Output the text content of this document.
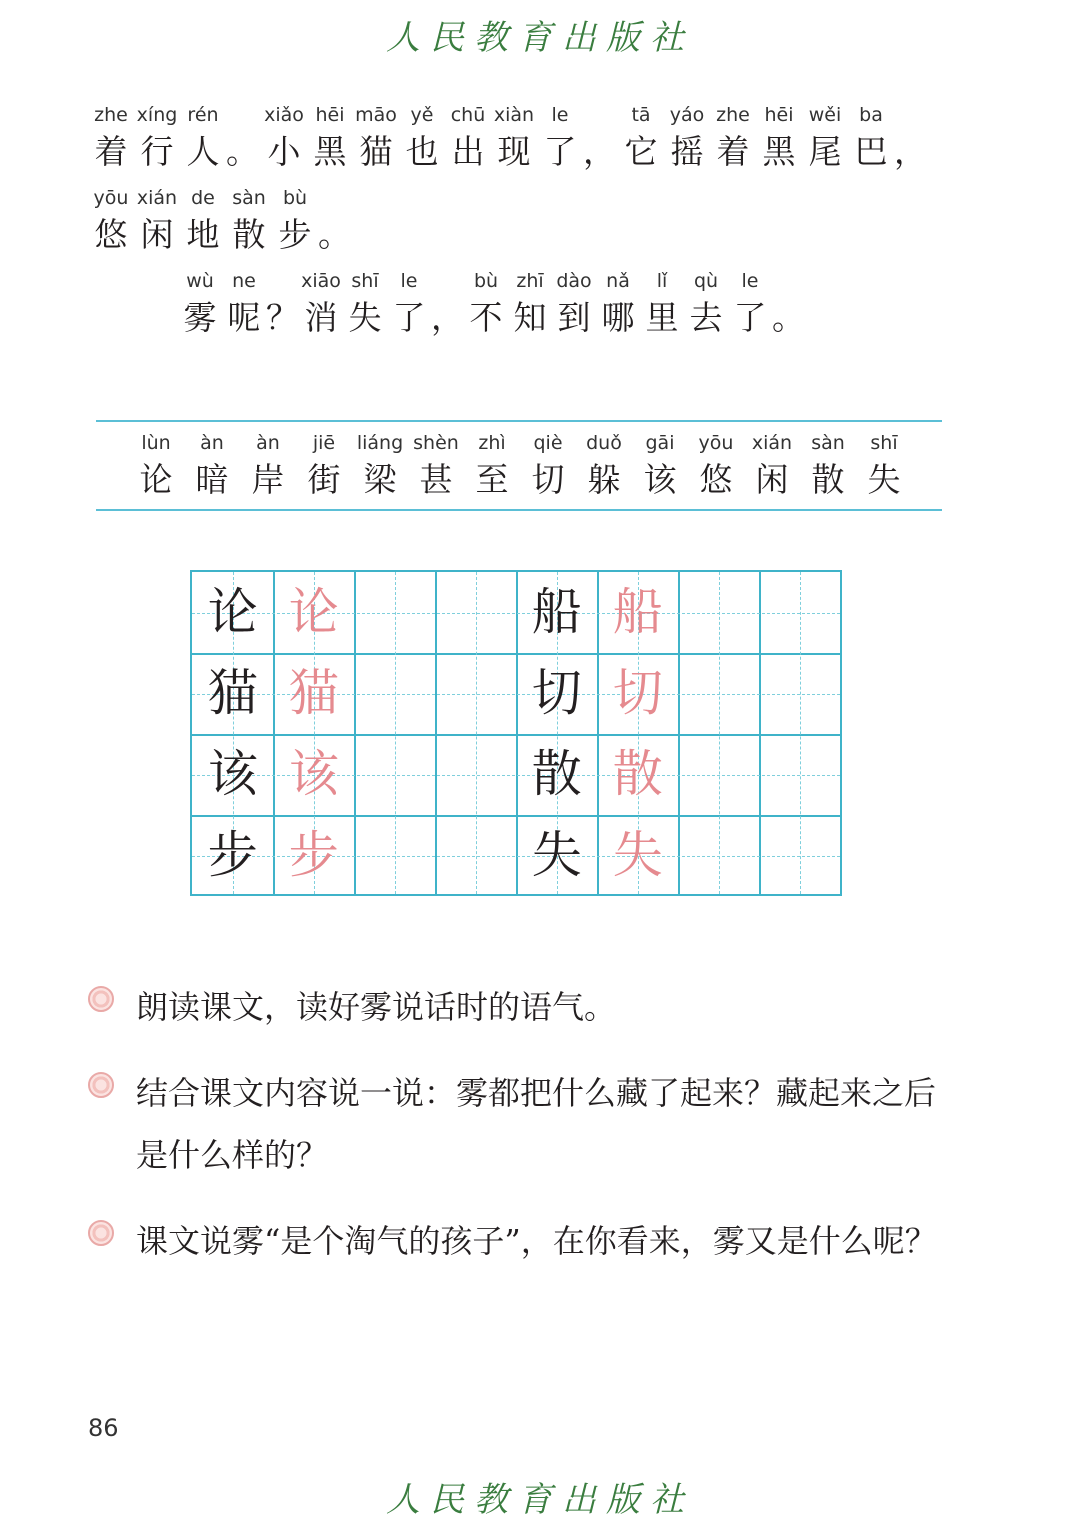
人民教育出版社
zhe
着
xíng
行
rén
人 。
xiǎo
小
hēi
黑
māo
猫
yě
也
chū
出
xiàn
现
le
了 ，
tā
它
yáo
摇
zhe
着
hēi
黑
wěi
尾
ba
巴 ，
yōu
悠
xián
闲
de
地
sàn
散
bù
步 。
wù
雾
ne
呢 ？
xiāo
消
shī
失
le
了 ，
bù
不
zhī
知
dào
到
nǎ
哪
lǐ
里
qù
去
le
了 。
lùn
论
àn
暗
àn
岸
jiē
街
liáng
梁
shèn
甚
zhì
至
qiè
切
duǒ
躲
gāi
该
yōu
悠
xián
闲
sàn
散
shī
失
论 论
猫 猫
该 该
步 步
船 船
切 切
散 散
失 失
朗读课文，读好雾说话时的语气。
结合课文内容说一说：雾都把什么藏了起来？藏起来之后是什么样的？
课文说雾“是个淘气的孩子”，在你看来，雾又是什么呢？
86
人民教育出版社
